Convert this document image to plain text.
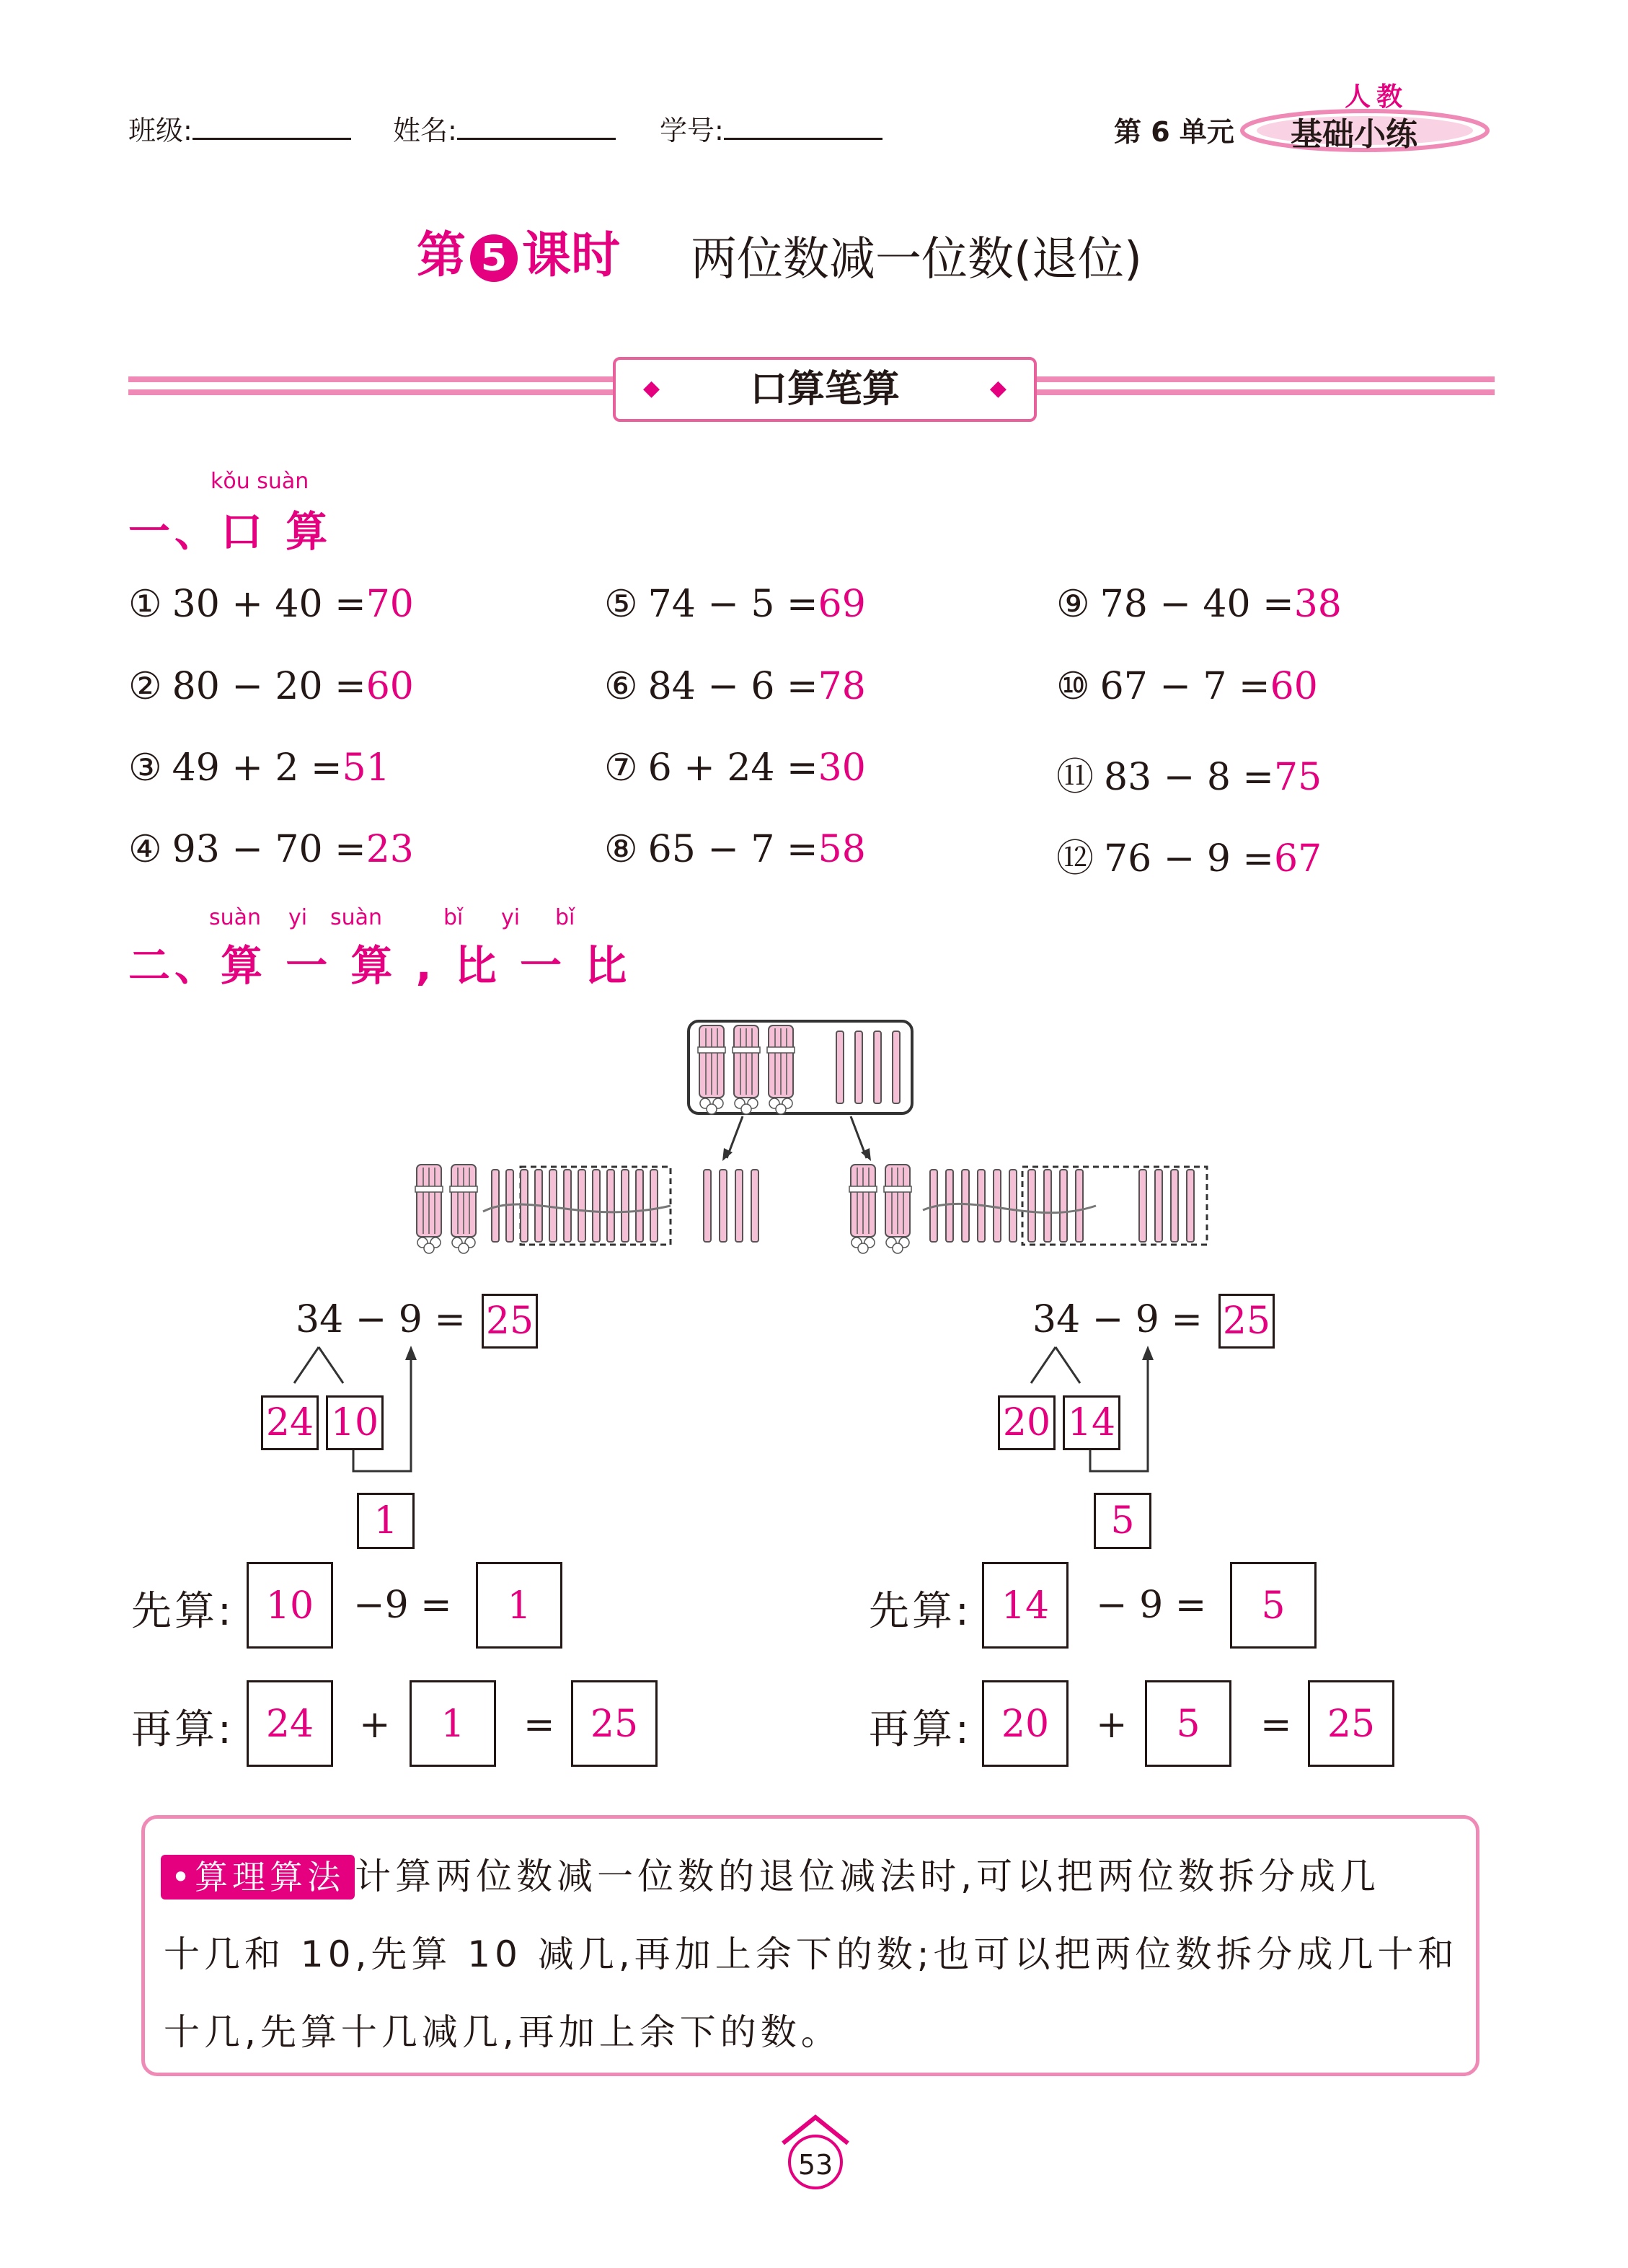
班级:	姓名:	学号:	第 6 单元
人教
基础小练
第 5 课时 两位数减一位数(退位)
◆ 口算笔算	◆
kǒu suàn
一、口 算
① 30 + 40 =70
② 80 − 20 =60
③ 49 + 2 =51
④ 93 − 70 =23
⑤ 74 − 5 =69
⑥ 84 − 6 =78
⑦ 6 + 24 =30
⑧ 65 − 7 =58
⑨ 78 − 40 =38
⑩ 67 − 7 =60
⑪ 83 − 8 =75
⑫ 76 − 9 =67
suàn yi suàn	bǐ yi bǐ
二、算 一 算 , 比 一 比
34 − 9 = 25
24 10
1
先算: 10	−9 =	1
再算: 24	+	1	= 25
34 − 9 = 25
20 14
5
先算: 14	− 9 =	5
再算: 20	+	5	= 25
•算理算法 计算两位数减一位数的退位减法时,可以把两位数拆分成几
十几和 10,先算 10 减几,再加上余下的数;也可以把两位数拆分成几十和
十几,先算十几减几,再加上余下的数。
53
